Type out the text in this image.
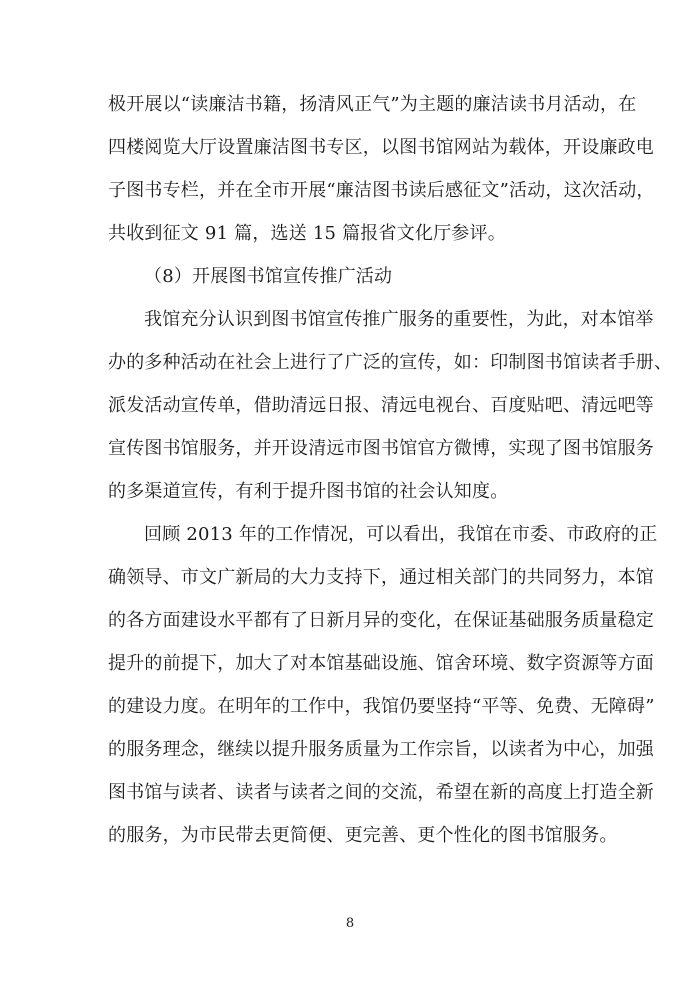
极开展以“读廉洁书籍，扬清风正气”为主题的廉洁读书月活动，在
四楼阅览大厅设置廉洁图书专区，以图书馆网站为载体，开设廉政电
子图书专栏，并在全市开展“廉洁图书读后感征文”活动，这次活动，
共收到征文 91 篇，选送 15 篇报省文化厅参评。
（8）开展图书馆宣传推广活动
我馆充分认识到图书馆宣传推广服务的重要性，为此，对本馆举
办的多种活动在社会上进行了广泛的宣传，如：印制图书馆读者手册、
派发活动宣传单，借助清远日报、清远电视台、百度贴吧、清远吧等
宣传图书馆服务，并开设清远市图书馆官方微博，实现了图书馆服务
的多渠道宣传，有利于提升图书馆的社会认知度。
回顾 2013 年的工作情况，可以看出，我馆在市委、市政府的正
确领导、市文广新局的大力支持下，通过相关部门的共同努力，本馆
的各方面建设水平都有了日新月异的变化，在保证基础服务质量稳定
提升的前提下，加大了对本馆基础设施、馆舍环境、数字资源等方面
的建设力度。在明年的工作中，我馆仍要坚持“平等、免费、无障碍”
的服务理念，继续以提升服务质量为工作宗旨，以读者为中心，加强
图书馆与读者、读者与读者之间的交流，希望在新的高度上打造全新
的服务，为市民带去更简便、更完善、更个性化的图书馆服务。
8
